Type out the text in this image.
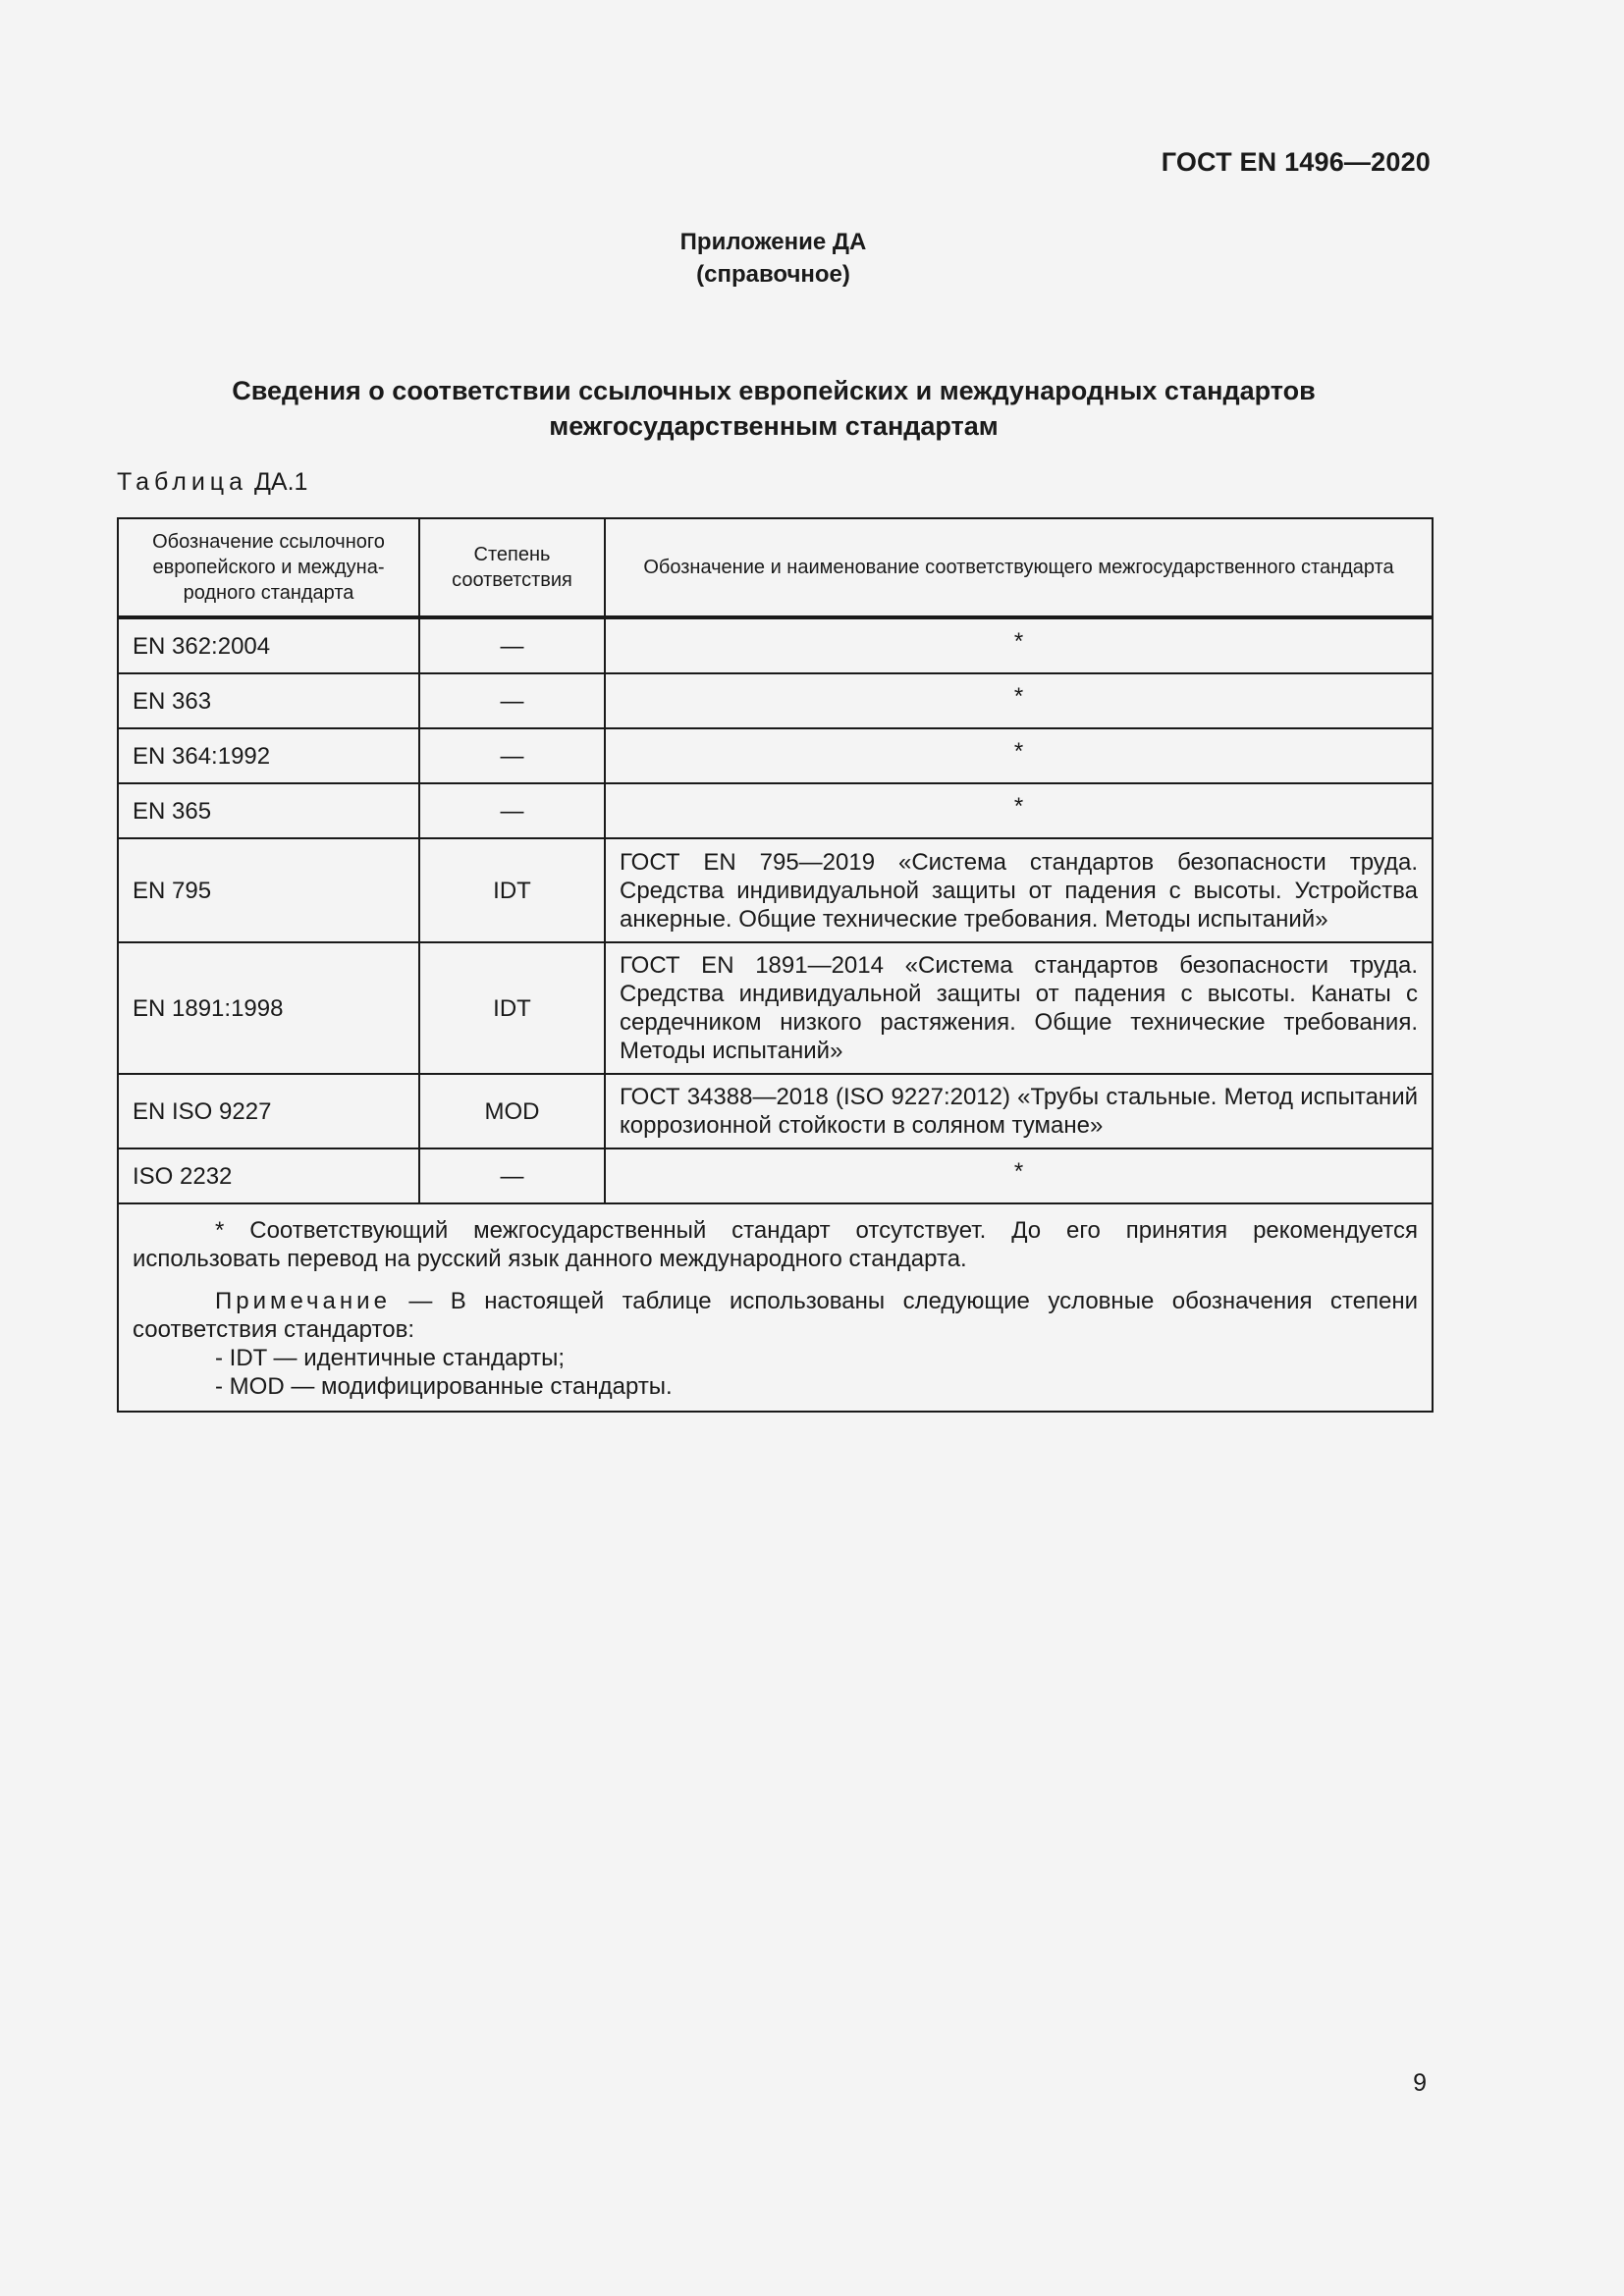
ГОСТ EN 1496—2020
Приложение ДА
(справочное)
Сведения о соответствии ссылочных европейских и международных стандартов
межгосударственным стандартам
Таблица ДА.1
Обозначение ссылочного европейского и междуна-родного стандарта	Степень соответствия	Обозначение и наименование соответствующего межгосударственного стандарта
EN 362:2004	—	*
EN 363	—	*
EN 364:1992	—	*
EN 365	—	*
EN 795	IDT	ГОСТ EN 795—2019 «Система стандартов безопасности труда. Средства индивидуальной защиты от падения с высоты. Устройства анкерные. Общие технические требования. Методы испытаний»
EN 1891:1998	IDT	ГОСТ EN 1891—2014 «Система стандартов безопасности труда. Средства индивидуальной защиты от падения с высоты. Канаты с сердечником низкого растяжения. Общие технические требования. Методы испытаний»
EN ISO 9227	MOD	ГОСТ 34388—2018 (ISO 9227:2012) «Трубы стальные. Метод испытаний коррозионной стойкости в соляном тумане»
ISO 2232	—	*

* Соответствующий межгосударственный стандарт отсутствует. До его принятия рекомендуется использовать перевод на русский язык данного международного стандарта.

Примечание — В настоящей таблице использованы следующие условные обозначения степени соответствия стандартов:

- IDT — идентичные стандарты;
- MOD — модифицированные стандарты.		
9
